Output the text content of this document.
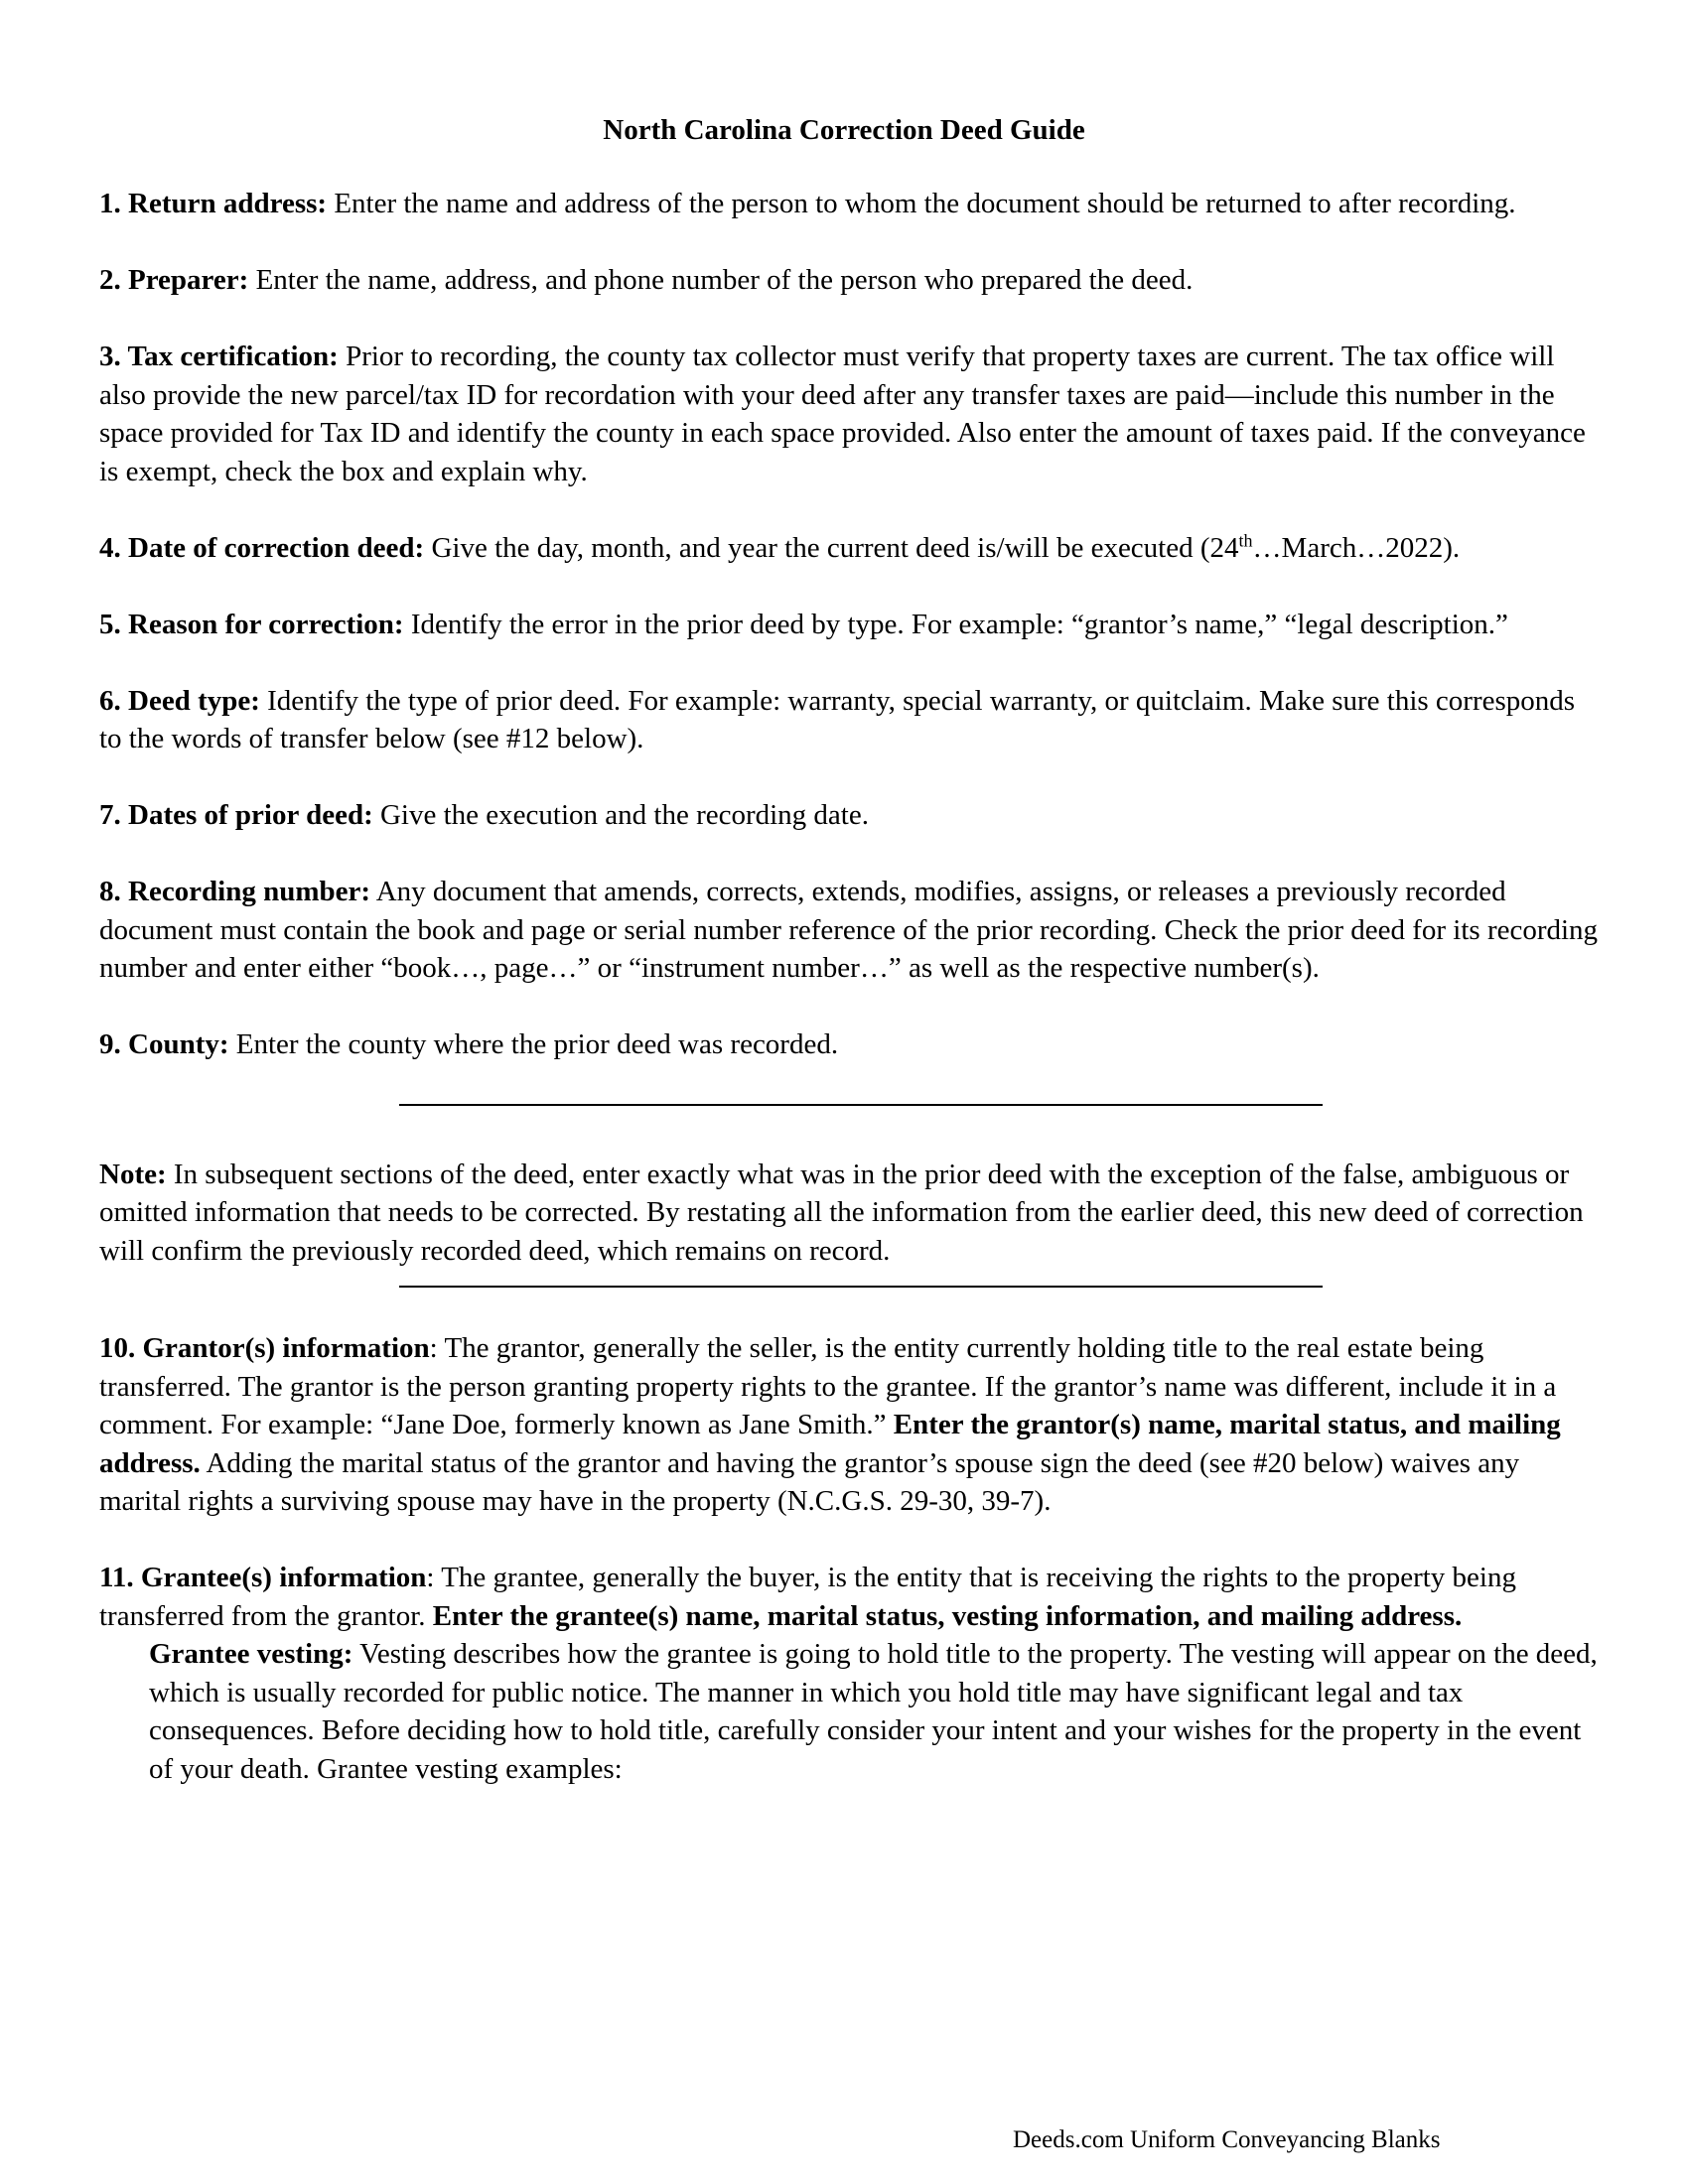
North Carolina Correction Deed Guide

1. Return address: Enter the name and address of the person to whom the document should be returned to after recording.

2. Preparer: Enter the name, address, and phone number of the person who prepared the deed.

3. Tax certification: Prior to recording, the county tax collector must verify that property taxes are current. The tax office will also provide the new parcel/tax ID for recordation with your deed after any transfer taxes are paid—include this number in the space provided for Tax ID and identify the county in each space provided. Also enter the amount of taxes paid. If the conveyance is exempt, check the box and explain why.

4. Date of correction deed: Give the day, month, and year the current deed is/will be executed (24th…March…2022).

5. Reason for correction: Identify the error in the prior deed by type. For example: “grantor’s name,” “legal description.”

6. Deed type: Identify the type of prior deed. For example: warranty, special warranty, or quitclaim. Make sure this corresponds to the words of transfer below (see #12 below).

7. Dates of prior deed: Give the execution and the recording date.

8. Recording number: Any document that amends, corrects, extends, modifies, assigns, or releases a previously recorded document must contain the book and page or serial number reference of the prior recording. Check the prior deed for its recording number and enter either “book…, page…” or “instrument number…” as well as the respective number(s).

9. County: Enter the county where the prior deed was recorded.

Note: In subsequent sections of the deed, enter exactly what was in the prior deed with the exception of the false, ambiguous or omitted information that needs to be corrected. By restating all the information from the earlier deed, this new deed of correction will confirm the previously recorded deed, which remains on record.

10. Grantor(s) information: The grantor, generally the seller, is the entity currently holding title to the real estate being transferred. The grantor is the person granting property rights to the grantee. If the grantor’s name was different, include it in a comment. For example: “Jane Doe, formerly known as Jane Smith.” Enter the grantor(s) name, marital status, and mailing address. Adding the marital status of the grantor and having the grantor’s spouse sign the deed (see #20 below) waives any marital rights a surviving spouse may have in the property (N.C.G.S. 29-30, 39-7).

11. Grantee(s) information: The grantee, generally the buyer, is the entity that is receiving the rights to the property being transferred from the grantor. Enter the grantee(s) name, marital status, vesting information, and mailing address.

Grantee vesting: Vesting describes how the grantee is going to hold title to the property. The vesting will appear on the deed, which is usually recorded for public notice. The manner in which you hold title may have significant legal and tax consequences. Before deciding how to hold title, carefully consider your intent and your wishes for the property in the event of your death. Grantee vesting examples:

Deeds.com Uniform Conveyancing Blanks
